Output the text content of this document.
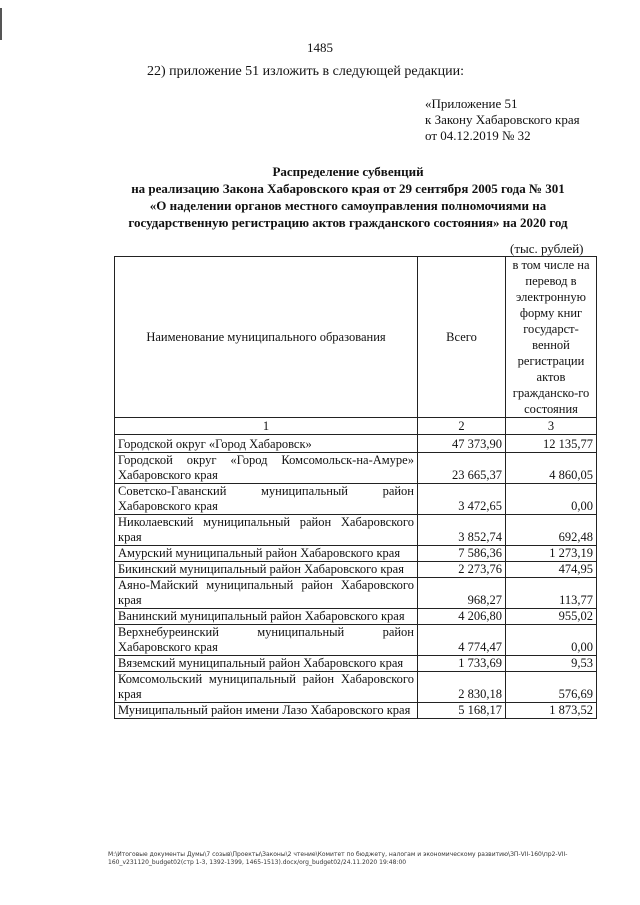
1485
22) приложение 51 изложить в следующей редакции:
«Приложение 51
к Закону Хабаровского края
от 04.12.2019 № 32
Распределение субвенций
на реализацию Закона Хабаровского края от 29 сентября 2005 года № 301
«О наделении органов местного самоуправления полномочиями на
государственную регистрацию актов гражданского состояния» на 2020 год
(тыс. рублей)
Наименование муниципального образования	Всего	в том числе на перевод в электронную форму книг государст-венной регистрации актов гражданско-го состояния
1	2	3
Городской округ «Город Хабаровск»	47 373,90	12 135,77
Городской округ «Город Комсомольск-на-Амуре» Хабаровского края	23 665,37	4 860,05
Советско-Гаванский муниципальный район Хабаровского края	3 472,65	0,00
Николаевский муниципальный район Хабаровского края	3 852,74	692,48
Амурский муниципальный район Хабаровского края	7 586,36	1 273,19
Бикинский муниципальный район Хабаровского края	2 273,76	474,95
Аяно-Майский муниципальный район Хабаровского края	968,27	113,77
Ванинский муниципальный район Хабаровского края	4 206,80	955,02
Верхнебуреинский муниципальный район Хабаровского края	4 774,47	0,00
Вяземский муниципальный район Хабаровского края	1 733,69	9,53
Комсомольский муниципальный район Хабаровского края	2 830,18	576,69
Муниципальный район имени Лазо Хабаровского края	5 168,17	1 873,52
M:\Итоговые документы Думы\7 созыв\Проекты\Законы\2 чтение\Комитет по бюджету, налогам и экономическому развитию\ЗП-VII-160\пр2-VII-160_v231120_budget02(стр 1-3, 1392-1399, 1465-1513).docx/org_budget02/24.11.2020 19:48:00
